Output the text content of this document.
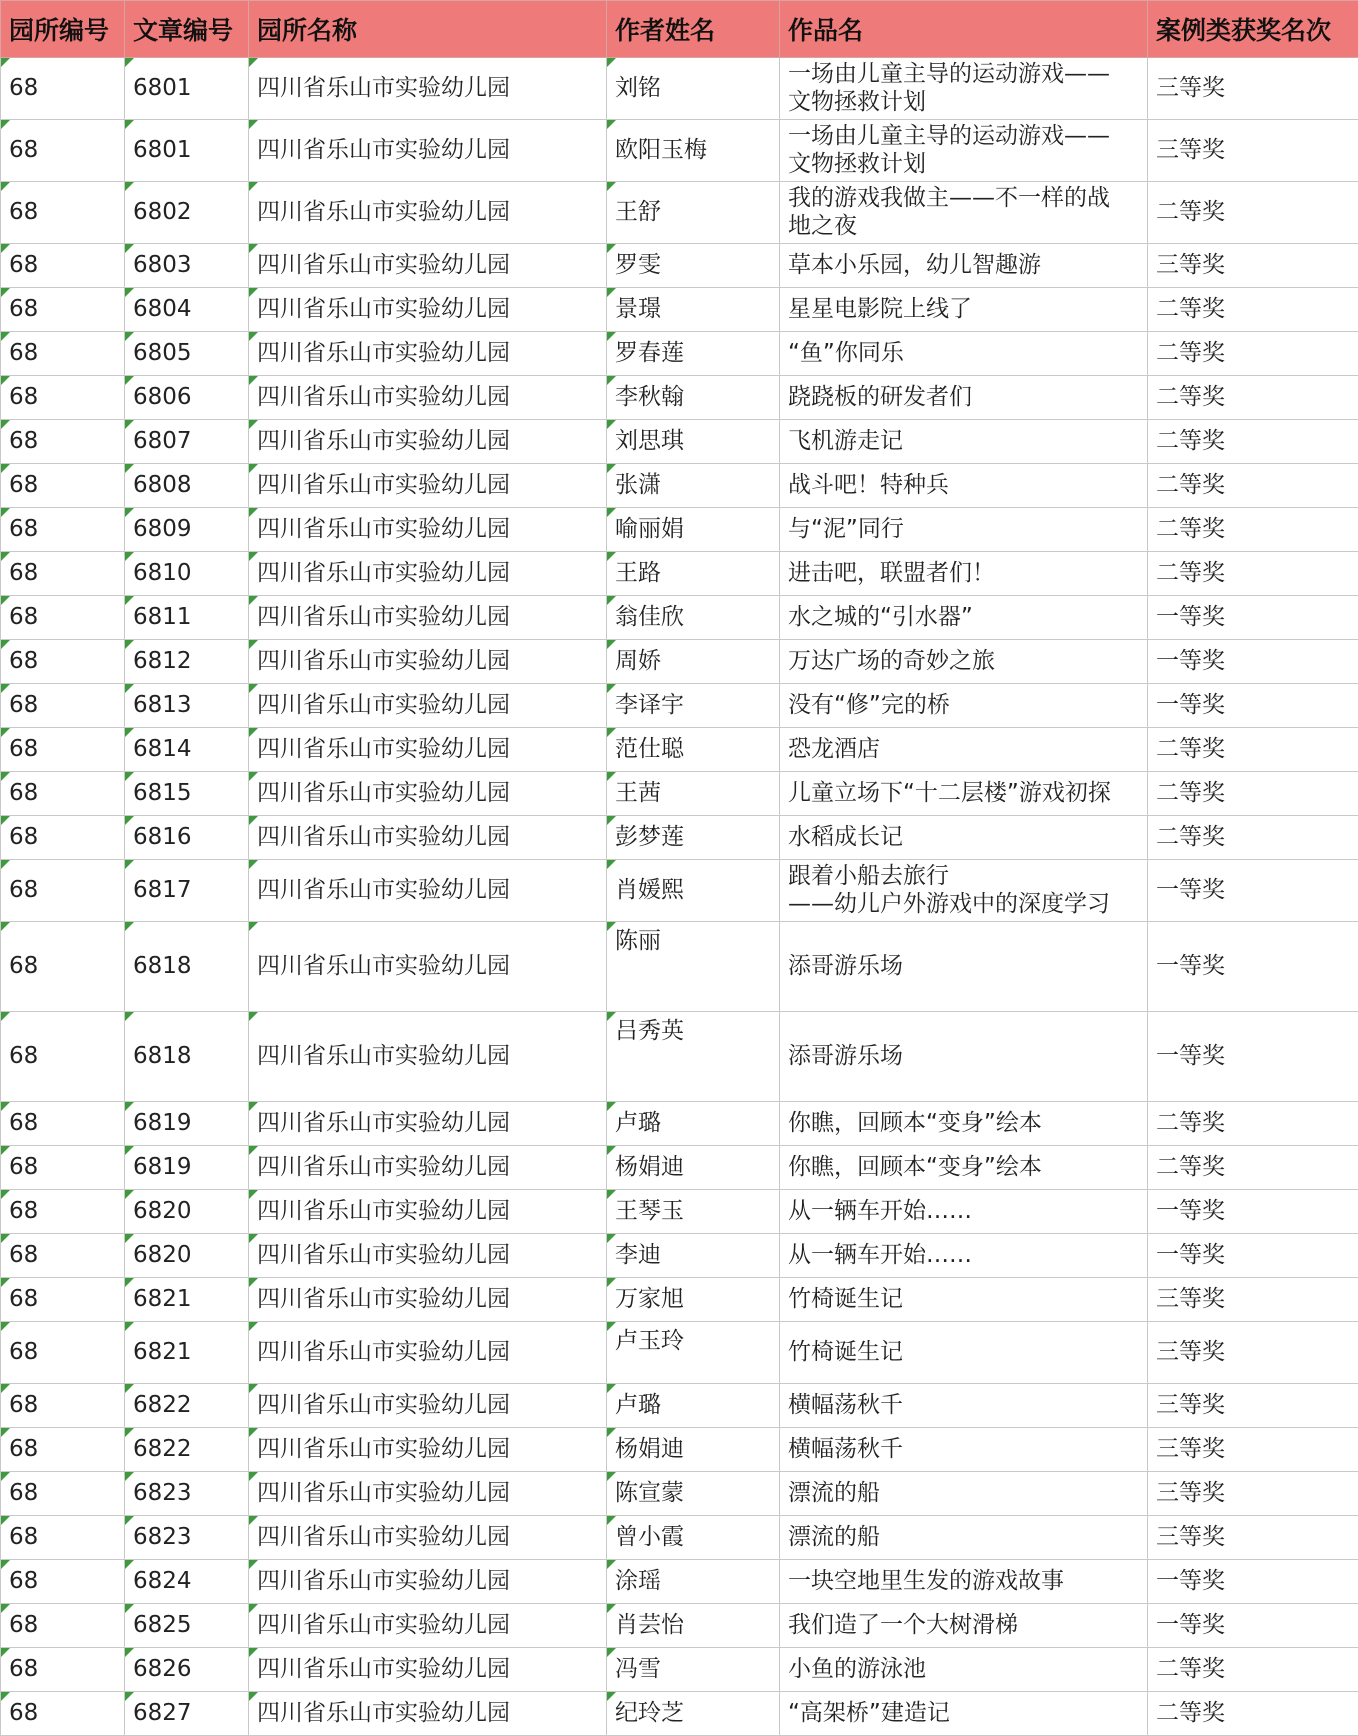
园所编号	文章编号	园所名称	作者姓名	作品名	案例类获奖名次
68	6801	四川省乐山市实验幼儿园	刘铭	一场由儿童主导的运动游戏——
文物拯救计划	三等奖
68	6801	四川省乐山市实验幼儿园	欧阳玉梅	一场由儿童主导的运动游戏——
文物拯救计划	三等奖
68	6802	四川省乐山市实验幼儿园	王舒	我的游戏我做主——不一样的战
地之夜	二等奖
68	6803	四川省乐山市实验幼儿园	罗雯	草本小乐园，幼儿智趣游	三等奖
68	6804	四川省乐山市实验幼儿园	景璟	星星电影院上线了	二等奖
68	6805	四川省乐山市实验幼儿园	罗春莲	“鱼”你同乐	二等奖
68	6806	四川省乐山市实验幼儿园	李秋翰	跷跷板的研发者们	二等奖
68	6807	四川省乐山市实验幼儿园	刘思琪	飞机游走记	二等奖
68	6808	四川省乐山市实验幼儿园	张潇	战斗吧！特种兵	二等奖
68	6809	四川省乐山市实验幼儿园	喻丽娟	与“泥”同行	二等奖
68	6810	四川省乐山市实验幼儿园	王路	进击吧，联盟者们！	二等奖
68	6811	四川省乐山市实验幼儿园	翁佳欣	水之城的“引水器”	一等奖
68	6812	四川省乐山市实验幼儿园	周娇	万达广场的奇妙之旅	一等奖
68	6813	四川省乐山市实验幼儿园	李译宇	没有“修”完的桥	一等奖
68	6814	四川省乐山市实验幼儿园	范仕聪	恐龙酒店	二等奖
68	6815	四川省乐山市实验幼儿园	王茜	儿童立场下“十二层楼”游戏初探	二等奖
68	6816	四川省乐山市实验幼儿园	彭梦莲	水稻成长记	二等奖
68	6817	四川省乐山市实验幼儿园	肖媛熙	跟着小船去旅行
——幼儿户外游戏中的深度学习	一等奖
68	6818	四川省乐山市实验幼儿园	陈丽	添哥游乐场	一等奖
68	6818	四川省乐山市实验幼儿园	吕秀英	添哥游乐场	一等奖
68	6819	四川省乐山市实验幼儿园	卢璐	你瞧，回顾本“变身”绘本	二等奖
68	6819	四川省乐山市实验幼儿园	杨娟迪	你瞧，回顾本“变身”绘本	二等奖
68	6820	四川省乐山市实验幼儿园	王琴玉	从一辆车开始……	一等奖
68	6820	四川省乐山市实验幼儿园	李迪	从一辆车开始……	一等奖
68	6821	四川省乐山市实验幼儿园	万家旭	竹椅诞生记	三等奖
68	6821	四川省乐山市实验幼儿园	卢玉玲	竹椅诞生记	三等奖
68	6822	四川省乐山市实验幼儿园	卢璐	横幅荡秋千	三等奖
68	6822	四川省乐山市实验幼儿园	杨娟迪	横幅荡秋千	三等奖
68	6823	四川省乐山市实验幼儿园	陈宣蒙	漂流的船	三等奖
68	6823	四川省乐山市实验幼儿园	曾小霞	漂流的船	三等奖
68	6824	四川省乐山市实验幼儿园	涂瑶	一块空地里生发的游戏故事	一等奖
68	6825	四川省乐山市实验幼儿园	肖芸怡	我们造了一个大树滑梯	一等奖
68	6826	四川省乐山市实验幼儿园	冯雪	小鱼的游泳池	二等奖
68	6827	四川省乐山市实验幼儿园	纪玲芝	“高架桥”建造记	二等奖
